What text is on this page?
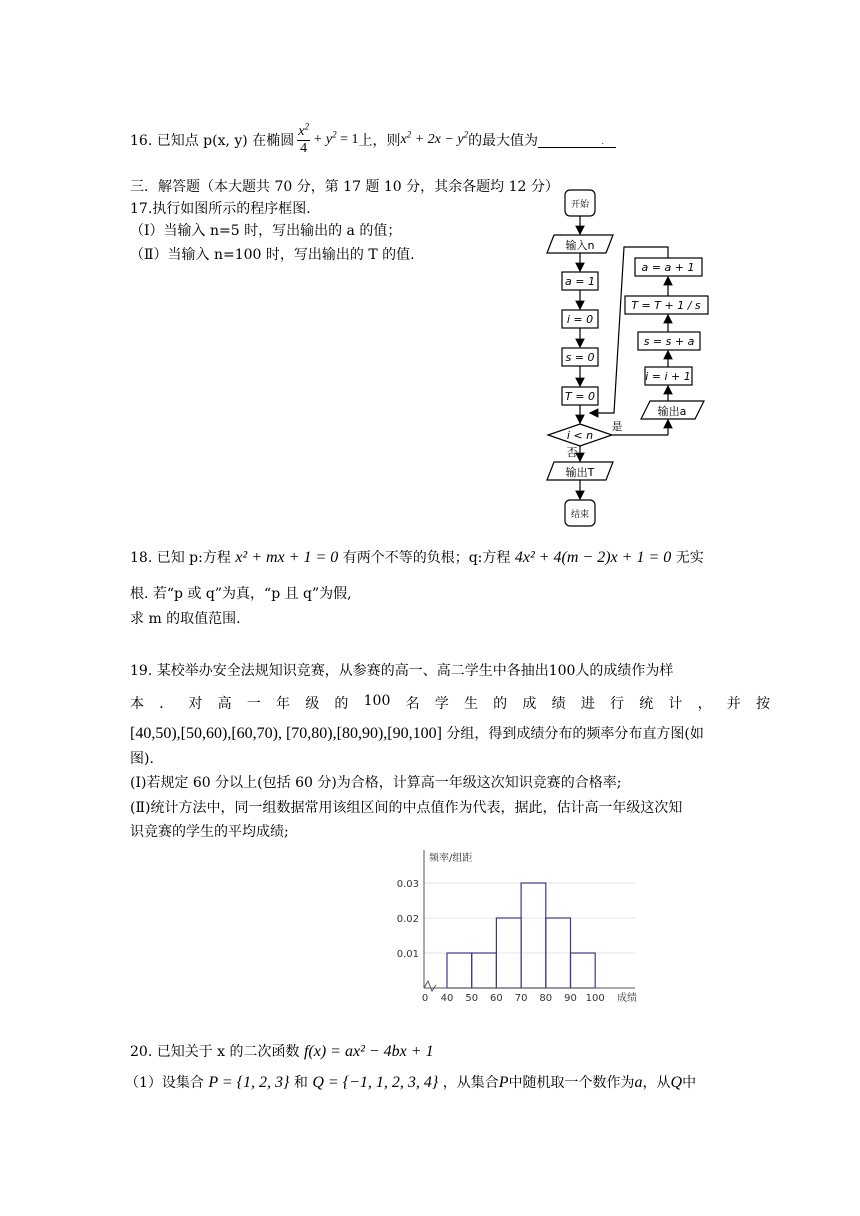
16. 已知点 p(x, y) 在椭圆 $\frac{x^2}{4} + y^2 = 1$ 上，则 $x^2 + 2x - y^2$ 的最大值为	.
三．解答题（本大题共 70 分，第 17 题 10 分，其余各题均 12 分）
17.执行如图所示的程序框图.
（Ⅰ）当输入 n=5 时，写出输出的 a 的值；
（Ⅱ）当输入 n=100 时，写出输出的 T 的值.
开始
输入n
a = 1
i = 0
s = 0
T = 0
i < n
是
否
输出T
结束
输出a
i = i + 1
s = s + a
T = T + 1 / s
a = a + 1
18. 已知 p:方程 x² + mx + 1 = 0 有两个不等的负根；q:方程 4x² + 4(m − 2)x + 1 = 0 无实
根. 若“p 或 q”为真，“p 且 q”为假,
求 m 的取值范围.
19. 某校举办安全法规知识竞赛，从参赛的高一、高二学生中各抽出100人的成绩作为样
本 ． 对 高 一 年 级 的 100 名 学 生 的 成 绩 进 行 统 计 ， 并 按
[40,50),[50,60),[60,70), [70,80),[80,90),[90,100] 分组，得到成绩分布的频率分布直方图(如
图).
(Ⅰ)若规定 60 分以上(包括 60 分)为合格，计算高一年级这次知识竞赛的合格率;
(Ⅱ)统计方法中，同一组数据常用该组区间的中点值作为代表，据此，估计高一年级这次知
识竞赛的学生的平均成绩;
0.01
0.02
0.03
0 40 50 60 70 80 90 100
频率/组距
成绩
20. 已知关于 x 的二次函数 f(x) = ax² − 4bx + 1
（1）设集合 P = {1, 2, 3} 和 Q = {−1, 1, 2, 3, 4} ，从集合P中随机取一个数作为a，从Q中
